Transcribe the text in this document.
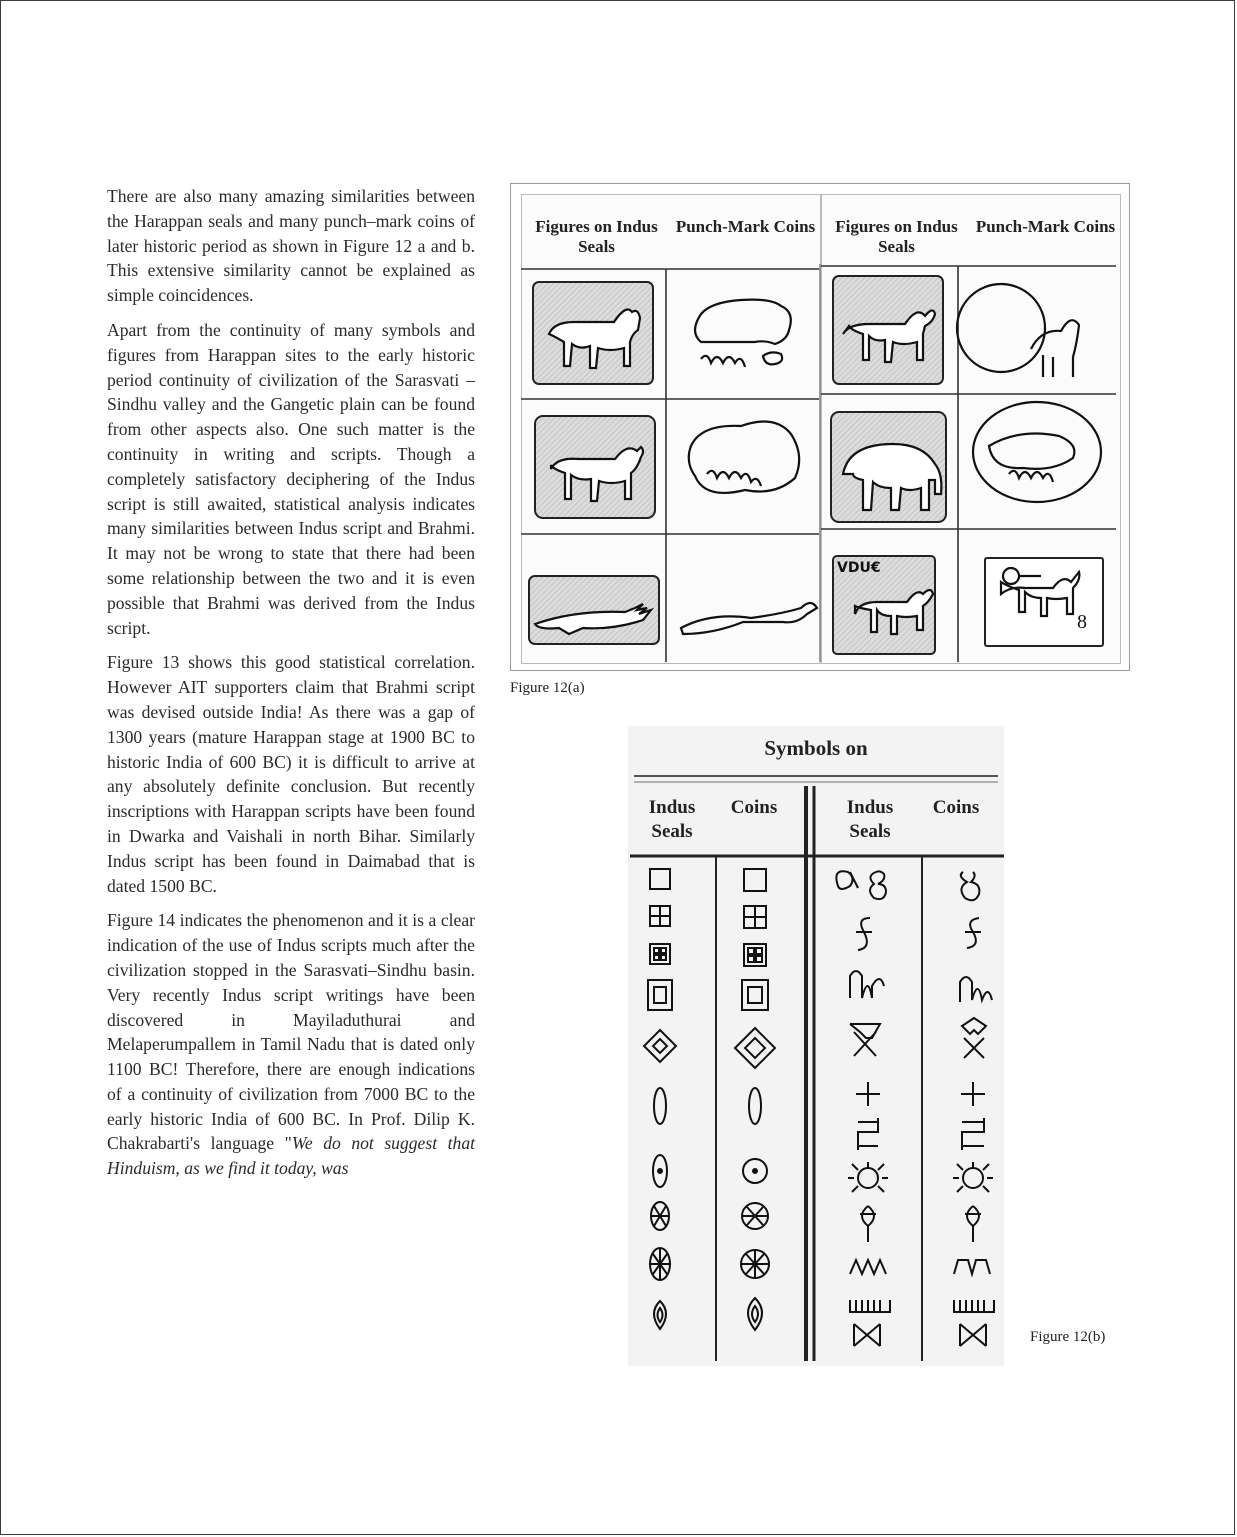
There are also many amazing similarities between the Harappan seals and many punch–mark coins of later historic period as shown in Figure 12 a and b. This extensive similarity cannot be explained as simple coincidences.

Apart from the continuity of many symbols and figures from Harappan sites to the early historic period continuity of civilization of the Sarasvati – Sindhu valley and the Gangetic plain can be found from other aspects also. One such matter is the continuity in writing and scripts. Though a completely satisfactory deciphering of the Indus script is still awaited, statistical analysis indicates many similarities between Indus script and Brahmi. It may not be wrong to state that there had been some relationship between the two and it is even possible that Brahmi was derived from the Indus script.

Figure 13 shows this good statistical correlation. However AIT supporters claim that Brahmi script was devised outside India! As there was a gap of 1300 years (mature Harappan stage at 1900 BC to historic India of 600 BC) it is difficult to arrive at any absolutely definite conclusion. But recently inscriptions with Harappan scripts have been found in Dwarka and Vaishali in north Bihar. Similarly Indus script has been found in Daimabad that is dated 1500 BC.

Figure 14 indicates the phenomenon and it is a clear indication of the use of Indus scripts much after the civilization stopped in the Sarasvati–Sindhu basin. Very recently Indus script writings have been discovered in Mayiladuthurai and Melaperumpallem in Tamil Nadu that is dated only 1100 BC! Therefore, there are enough indications of a continuity of civilization from 7000 BC to the early historic India of 600 BC. In Prof. Dilip K. Chakrabarti's language "We do not suggest that Hinduism, as we find it today, was

Figures on Indus Seals
Punch-Mark Coins	Figures on Indus Seals
Punch-Mark Coins
8
VDU€
Figure 12(a)
Symbols on
Indus Seals
Coins	Indus Seals
Coins
Figure 12(b)
